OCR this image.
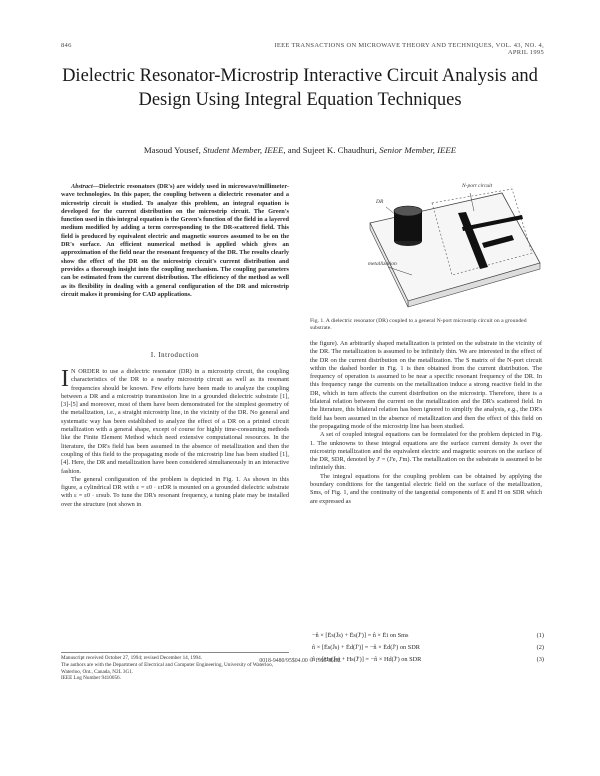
846	IEEE TRANSACTIONS ON MICROWAVE THEORY AND TECHNIQUES, VOL. 43, NO. 4, APRIL 1995
Dielectric Resonator-Microstrip Interactive Circuit Analysis and Design Using Integral Equation Techniques
Masoud Yousef, Student Member, IEEE, and Sujeet K. Chaudhuri, Senior Member, IEEE

Abstract—Dielectric resonators (DR's) are widely used in microwave/millimeter-wave technologies. In this paper, the coupling between a dielectric resonator and a microstrip circuit is studied. To analyze this problem, an integral equation is developed for the current distribution on the microstrip circuit. The Green's function used in this integral equation is the Green's function of the field in a layered medium modified by adding a term corresponding to the DR-scattered field. This field is produced by equivalent electric and magnetic sources assumed to be on the DR's surface. An efficient numerical method is applied which gives an approximation of the field near the resonant frequency of the DR. The results clearly show the effect of the DR on the microstrip circuit's current distribution and provides a thorough insight into the coupling mechanism. The coupling parameters can be estimated from the current distribution. The efficiency of the method as well as its flexibility in dealing with a general configuration of the DR and microstrip circuit makes it promising for CAD applications.

I. Introduction

I N ORDER to use a dielectric resonator (DR) in a microstrip circuit, the coupling characteristics of the DR to a nearby microstrip circuit as well as its resonant frequencies should be known. Few efforts have been made to analyze the coupling between a DR and a microstrip transmission line in a grounded dielectric substrate [1], [3]-[5] and moreover, most of them have been demonstrated for the simplest geometry of the metallization, i.e., a straight microstrip line, in the vicinity of the DR. No general and systematic way has been established to analyze the effect of a DR on a printed circuit metallization with a general shape, except of course for highly time-consuming methods like the Finite Element Method which need extensive computational resources. In the literature, the DR's field has been assumed in the absence of metallization and then the coupling of this field to the propagating mode of the microstrip line has been studied [1], [4]. Here, the DR and metallization have been considered simultaneously in an interactive fashion.

The general configuration of the problem is depicted in Fig. 1. As shown in this figure, a cylindrical DR with ε = ε0 · εrDR is mounted on a grounded dielectric substrate with ε = ε0 · εrsub. To tune the DR's resonant frequency, a tuning plate may be installed over the structure (not shown in

Manuscript received October 27, 1994; revised December 14, 1994.
The authors are with the Department of Electrical and Computer Engineering, University of Waterloo, Waterloo, Ont., Canada, N2L 3G1.
IEEE Log Number 9410056.
N-port circuit
metallization
DR
Fig. 1. A dielectric resonator (DR) coupled to a general N-port microstrip circuit on a grounded substrate.

the figure). An arbitrarily shaped metallization is printed on the substrate in the vicinity of the DR. The metallization is assumed to be infinitely thin. We are interested in the effect of the DR on the current distribution on the metallization. The S matrix of the N-port circuit within the dashed border in Fig. 1 is then obtained from the current distribution. The frequency of operation is assumed to be near a specific resonant frequency of the DR. In this frequency range the currents on the metallization induce a strong reactive field in the DR, which in turn affects the current distribution on the microstrip. Therefore, there is a bilateral relation between the current on the metallization and the DR's scattered field. In the literature, this bilateral relation has been ignored to simplify the analysis, e.g., the DR's field has been assumed in the absence of metallization and then the effect of this field on the propagating mode of the microstrip line has been studied.

A set of coupled integral equations can be formulated for the problem depicted in Fig. 1. The unknowns to these integral equations are the surface current density Js over the microstrip metallization and the equivalent electric and magnetic sources on the surface of the DR, SDR, denoted by J' = (J'e, J'm). The metallization on the substrate is assumed to be infinitely thin.

The integral equations for the coupling problem can be obtained by applying the boundary conditions for the tangential electric field on the surface of the metallization, Sms, of Fig. 1, and the continuity of the tangential components of E and H on SDR which are expressed as

−n̂ × [Ēs(J̄s) + Ēs(J̄′)] = n̂ × Ēi on Sms	(1)
n̂ × [Ēs(J̄s) + Ēd(J̄′)] = −n̂ × Ēd(J̄′) on SDR	(2)
n̂ × [Hs(J̄s) + Hs(J̄′)] = −n̂ × Hd(J̄′) on SDR	(3)
0018-9480/95$04.00 © 1995 IEEE
